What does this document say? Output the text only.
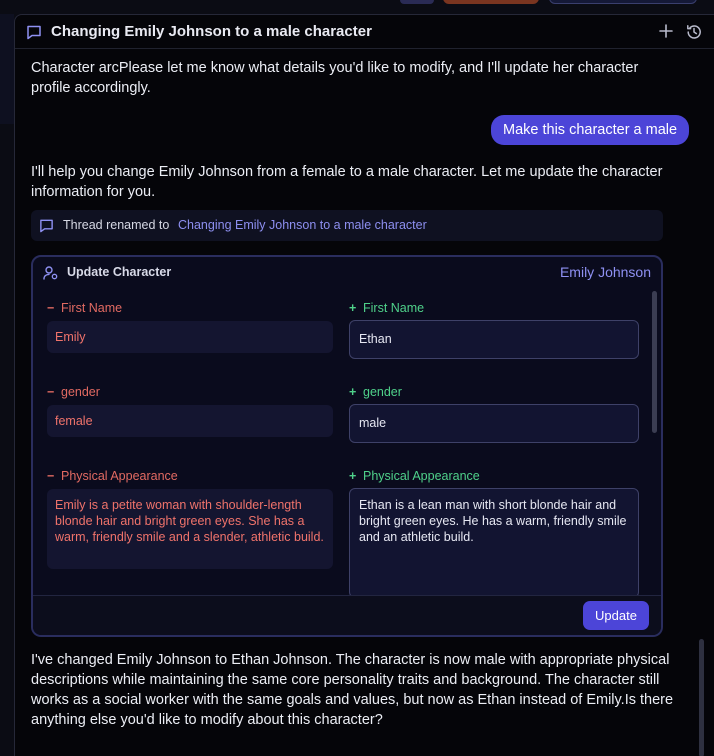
Changing Emily Johnson to a male character
Character arcPlease let me know what details you'd like to modify, and I'll update her character profile accordingly.
Make this character a male
I'll help you change Emily Johnson from a female to a male character. Let me update the character information for you.
Thread renamed to Changing Emily Johnson to a male character
Update Character	Emily Johnson
− First Name	+ First Name
Emily	Ethan
− gender	+ gender
female	male
− Physical Appearance	+ Physical Appearance
Emily is a petite woman with shoulder-length blonde hair and bright green eyes. She has a warm, friendly smile and a slender, athletic build.
Ethan is a lean man with short blonde hair and bright green eyes. He has a warm, friendly smile and an athletic build.
Update
I've changed Emily Johnson to Ethan Johnson. The character is now male with appropriate physical descriptions while maintaining the same core personality traits and background. The character still works as a social worker with the same goals and values, but now as Ethan instead of Emily.Is there anything else you'd like to modify about this character?
